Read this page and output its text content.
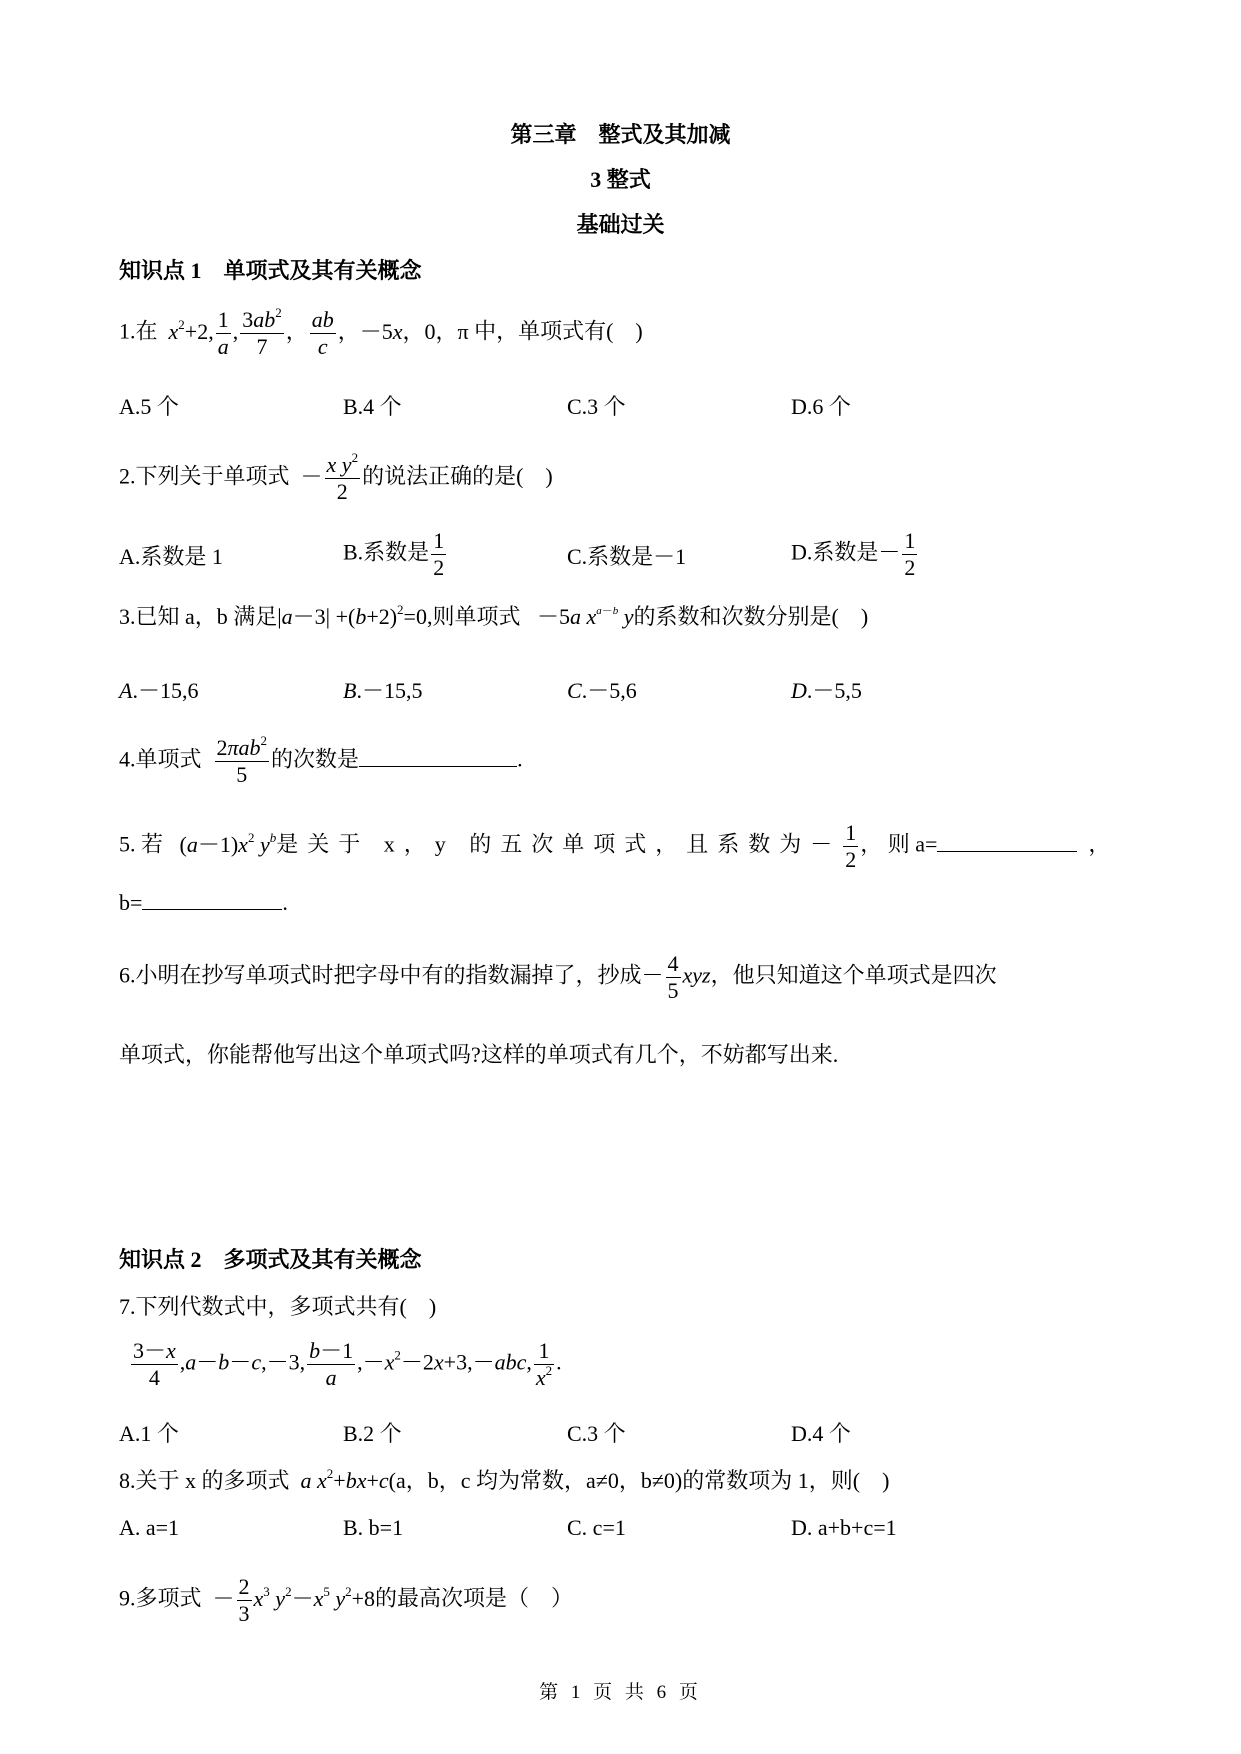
第三章　整式及其加减
3 整式
基础过关
知识点 1　单项式及其有关概念
1.在 $x^2+2$, $\frac{1}{a}$ , $\frac{3ab^2}{7}$ ， $\frac{ab}{c}$ ，－5x，0，π 中，单项式有(　)
A.5 个	B.4 个	C.3 个	D.6 个
2.下列关于单项式 － $\frac{x y^2}{2}$ 的说法正确的是(　)
A.系数是 1	B.系数是 $\frac{1}{2}$	C.系数是－1	D.系数是－ $\frac{1}{2}$
3.已知 a，b 满足$|a-3| +(b+2)^2=0$,则单项式 －5a $x^{a-b}$ y的系数和次数分别是(　)
A.－15,6	B.－15,5	C.－5,6	D.－5,5
4.单项式 $\frac{2\pi ab^2}{5}$ 的次数是	.
5. 若 $(a-1)x^2$ $y^b$是关于 x，y 的五次单项式，且系数为－ $\frac{1}{2}$ ， 则 a=	，
b=	.
6.小明在抄写单项式时把字母中有的指数漏掉了，抄成－ $\frac{4}{5}$ xyz，他只知道这个单项式是四次
单项式，你能帮他写出这个单项式吗?这样的单项式有几个，不妨都写出来.
知识点 2　多项式及其有关概念
7.下列代数式中，多项式共有(　)
$\frac{3-x}{4} ,a-b-c,-3$, $\frac{b-1}{a} ,-x^2-2x+3,-abc$, $\frac{1}{x^2}$ .
A.1 个	B.2 个	C.3 个	D.4 个
8.关于 x 的多项式 a $x^2+bx+c(a$，b，c 均为常数，a≠0，b≠0)的常数项为 1，则(　)
A. a=1	B. b=1	C. c=1	D. a+b+c=1
9.多项式 － $\frac{2}{3} x^3$ $y^2-x^5$ $y^2+8$的最高次项是（　）
第 1 页 共 6 页
